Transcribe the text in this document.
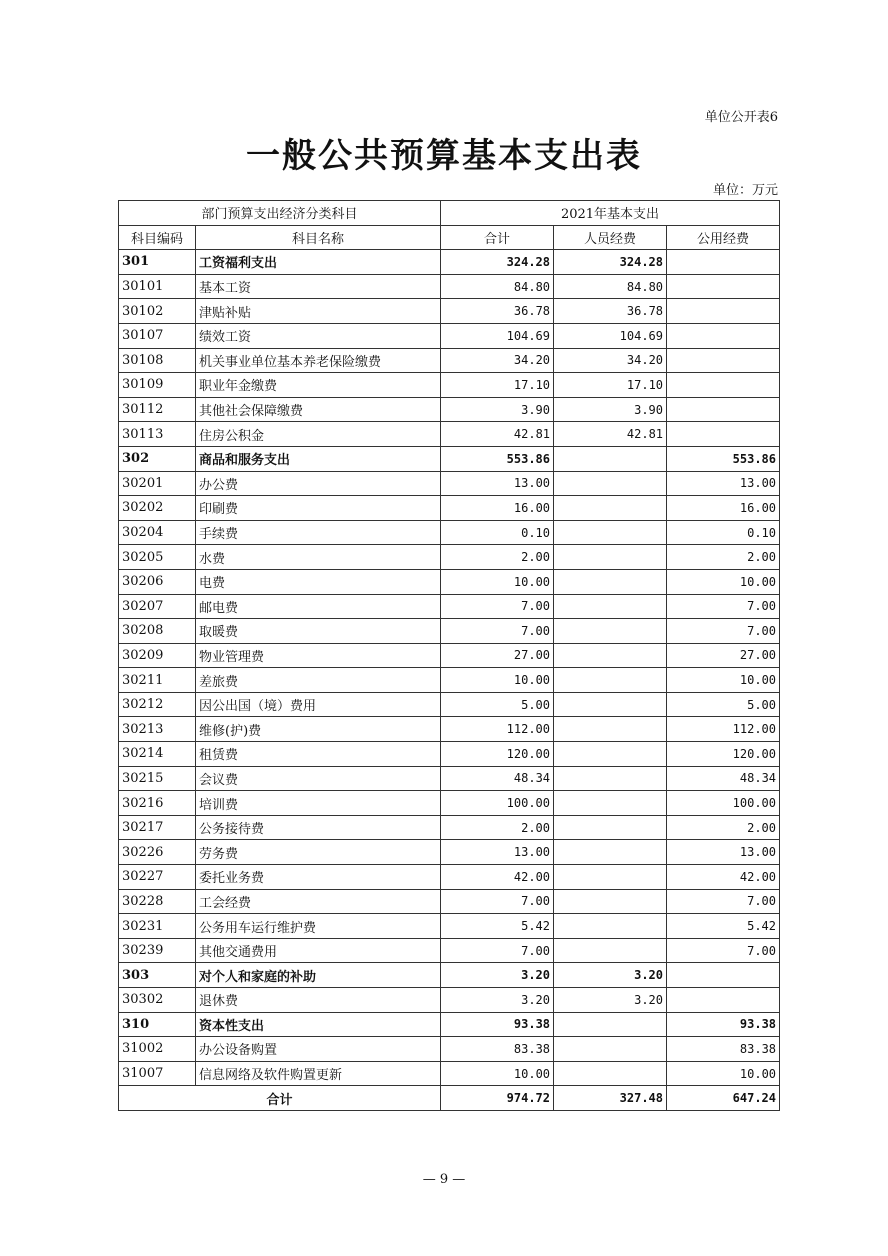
单位公开表6
一般公共预算基本支出表
单位：万元
部门预算支出经济分类科目		2021年基本支出		
科目编码	科目名称	合计	人员经费	公用经费
301	工资福利支出	324.28	324.28	
30101	基本工资	84.80	84.80	
30102	津贴补贴	36.78	36.78	
30107	绩效工资	104.69	104.69	
30108	机关事业单位基本养老保险缴费	34.20	34.20	
30109	职业年金缴费	17.10	17.10	
30112	其他社会保障缴费	3.90	3.90	
30113	住房公积金	42.81	42.81	
302	商品和服务支出	553.86		553.86
30201	办公费	13.00		13.00
30202	印刷费	16.00		16.00
30204	手续费	0.10		0.10
30205	水费	2.00		2.00
30206	电费	10.00		10.00
30207	邮电费	7.00		7.00
30208	取暖费	7.00		7.00
30209	物业管理费	27.00		27.00
30211	差旅费	10.00		10.00
30212	因公出国（境）费用	5.00		5.00
30213	维修(护)费	112.00		112.00
30214	租赁费	120.00		120.00
30215	会议费	48.34		48.34
30216	培训费	100.00		100.00
30217	公务接待费	2.00		2.00
30226	劳务费	13.00		13.00
30227	委托业务费	42.00		42.00
30228	工会经费	7.00		7.00
30231	公务用车运行维护费	5.42		5.42
30239	其他交通费用	7.00		7.00
303	对个人和家庭的补助	3.20	3.20	
30302	退休费	3.20	3.20	
310	资本性支出	93.38		93.38
31002	办公设备购置	83.38		83.38
31007	信息网络及软件购置更新	10.00		10.00
合计		974.72	327.48	647.24
— 9 —
